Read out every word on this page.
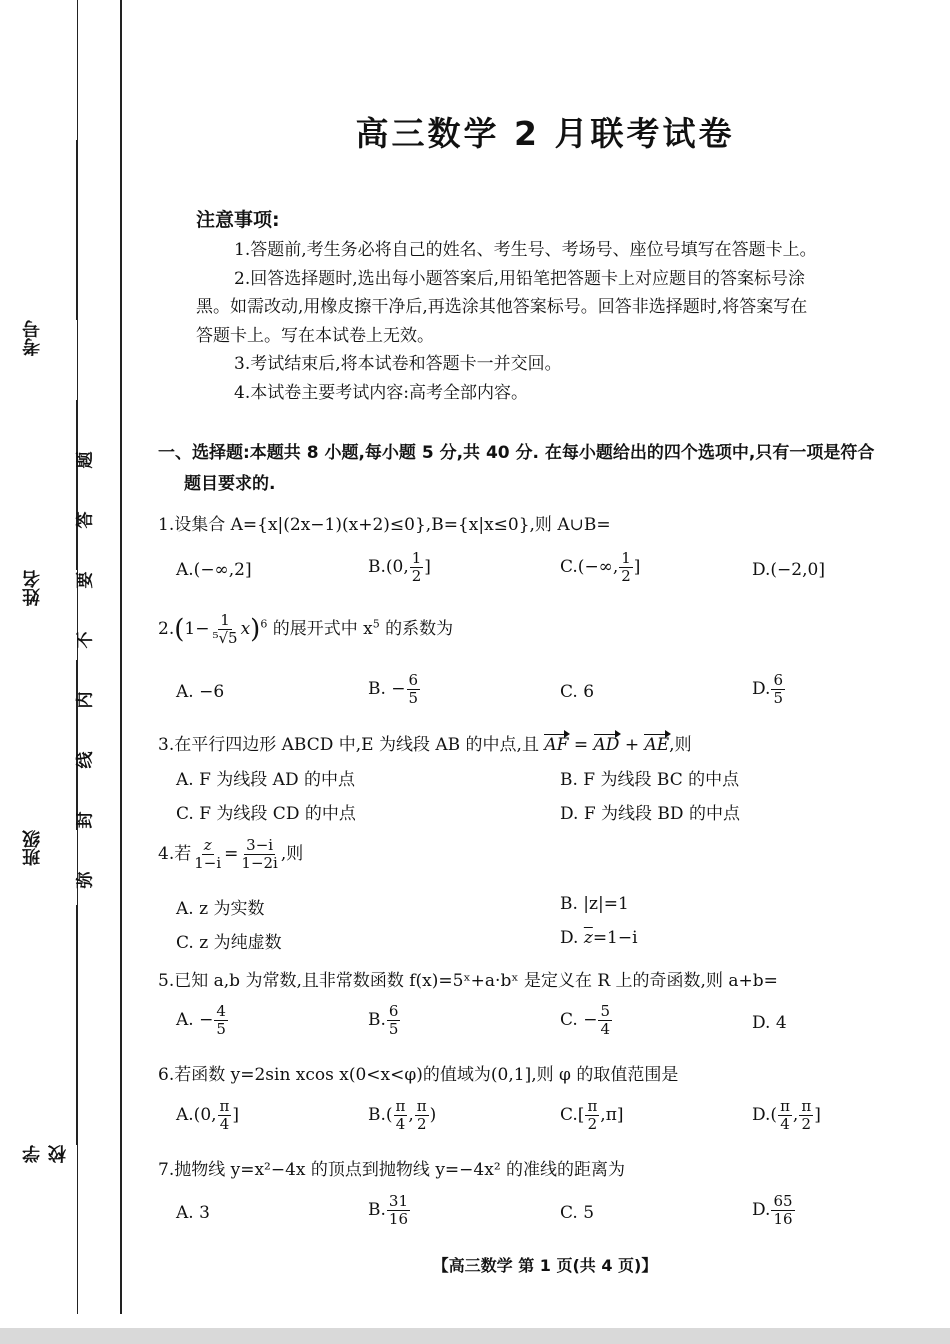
考号
姓名
班级
学校
题
答
要
不
内
线
封
弥
高三数学 2 月联考试卷
注意事项:

1.答题前,考生务必将自己的姓名、考生号、考场号、座位号填写在答题卡上。

2.回答选择题时,选出每小题答案后,用铅笔把答题卡上对应题目的答案标号涂

黑。如需改动,用橡皮擦干净后,再选涂其他答案标号。回答非选择题时,将答案写在

答题卡上。写在本试卷上无效。

3.考试结束后,将本试卷和答题卡一并交回。

4.本试卷主要考试内容:高考全部内容。

一、选择题:本题共 8 小题,每小题 5 分,共 40 分. 在每小题给出的四个选项中,只有一项是符合
题目要求的.
1.设集合 A={x|(2x−1)(x+2)≤0},B={x|x≤0},则 A∪B=
A.(−∞,2]	B.(0, $\frac{1}{2}$ ]	C.(−∞, $\frac{1}{2}$ ]	D.(−2,0]
$2.(1- \frac{1}{\text{⁵√5}} x)^6$ 的展开式中 $x^5$ 的系数为
A. −6	B. − $\frac{6}{5}$	C. 6	D. $\frac{6}{5}$
3.在平行四边形 ABCD 中,E 为线段 AB 的中点,且 AF = AD + AE,则
A. F 为线段 AD 的中点	B. F 为线段 BC 的中点
C. F 为线段 CD 的中点	D. F 为线段 BD 的中点
4.若 $\frac{z}{1-i} = \frac{3-i}{1-2i}$ ,则
A. z 为实数	B. |z|=1
C. z 为纯虚数	D. $\overline{z}=1-i$
5.已知 a,b 为常数,且非常数函数 f(x)=5ˣ+a·bˣ 是定义在 R 上的奇函数,则 a+b=
A. − $\frac{4}{5}$	B. $\frac{6}{5}$	C. − $\frac{5}{4}$	D. 4
6.若函数 y=2sin xcos x(0<x<φ)的值域为(0,1],则 φ 的取值范围是
A.(0, $\frac{\pi}{4}$ ]	$B.( \frac{\pi}{4}$ , $\frac{\pi}{2}$ )	$C.[ \frac{\pi}{2} ,\pi]$	$D.( \frac{\pi}{4}$ , $\frac{\pi}{2}$ ]
7.抛物线 y=x²−4x 的顶点到抛物线 y=−4x² 的准线的距离为
A. 3	B. $\frac{31}{16}$	C. 5	D. $\frac{65}{16}$
【高三数学 第 1 页(共 4 页)】
